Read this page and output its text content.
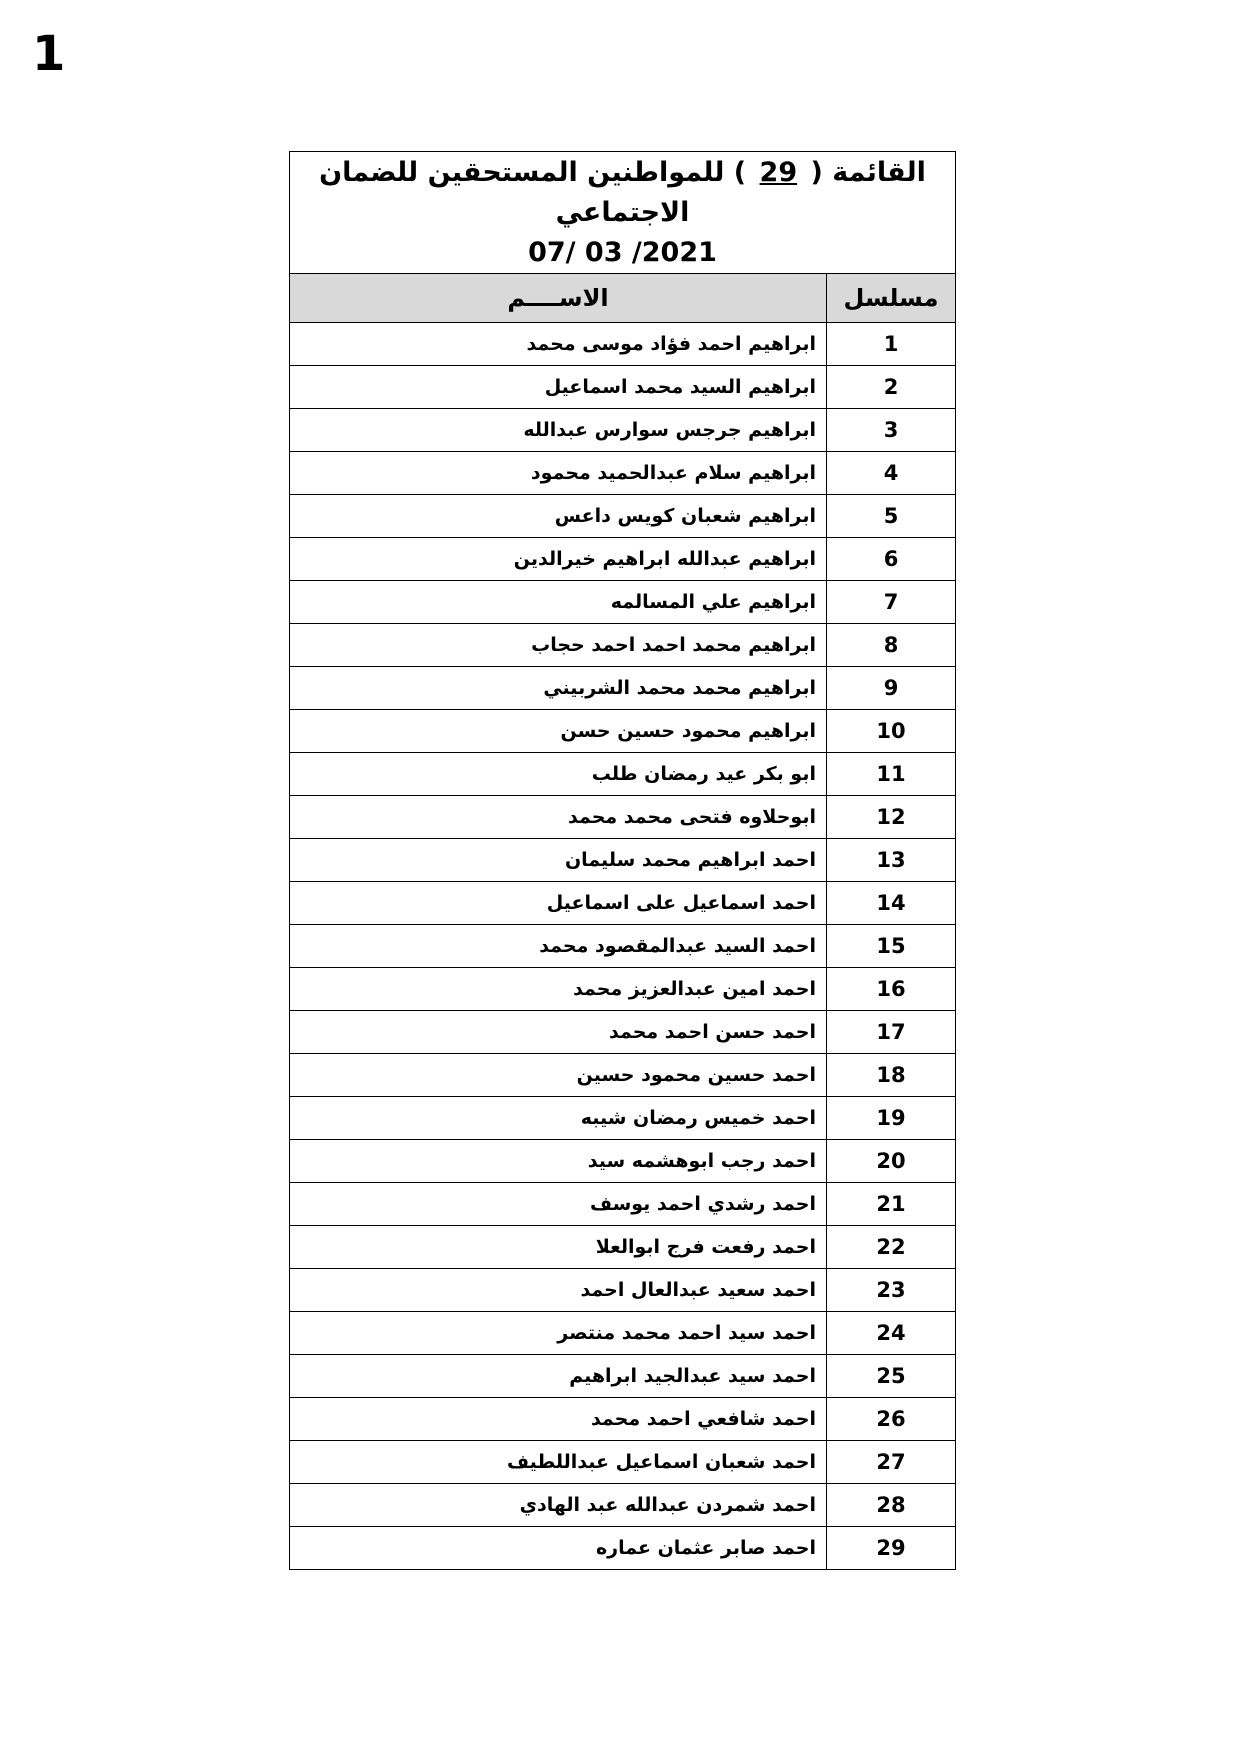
1
القائمة ( 29 ) للمواطنين المستحقين للضمان الاجتماعي
07/ 03 /2021	

مسلسل	الاســــم
1	ابراهيم احمد فؤاد موسى محمد
2	ابراهيم السيد محمد اسماعيل
3	ابراهيم جرجس سوارس عبدالله
4	ابراهيم سلام عبدالحميد محمود
5	ابراهيم شعبان كويس داعس
6	ابراهيم عبدالله ابراهيم خيرالدين
7	ابراهيم علي المسالمه
8	ابراهيم محمد احمد احمد حجاب
9	ابراهيم محمد محمد الشربيني
10	ابراهيم محمود حسين حسن
11	ابو بكر عيد رمضان طلب
12	ابوحلاوه فتحى محمد محمد
13	احمد ابراهيم محمد سليمان
14	احمد اسماعيل على اسماعيل
15	احمد السيد عبدالمقصود محمد
16	احمد امين عبدالعزيز محمد
17	احمد حسن احمد محمد
18	احمد حسين محمود حسين
19	احمد خميس رمضان شيبه
20	احمد رجب ابوهشمه سيد
21	احمد رشدي احمد يوسف
22	احمد رفعت فرج ابوالعلا
23	احمد سعيد عبدالعال احمد
24	احمد سيد احمد محمد منتصر
25	احمد سيد عبدالجيد ابراهيم
26	احمد شافعي احمد محمد
27	احمد شعبان اسماعيل عبداللطيف
28	احمد شمردن عبدالله عبد الهادي
29	احمد صابر عثمان عماره
